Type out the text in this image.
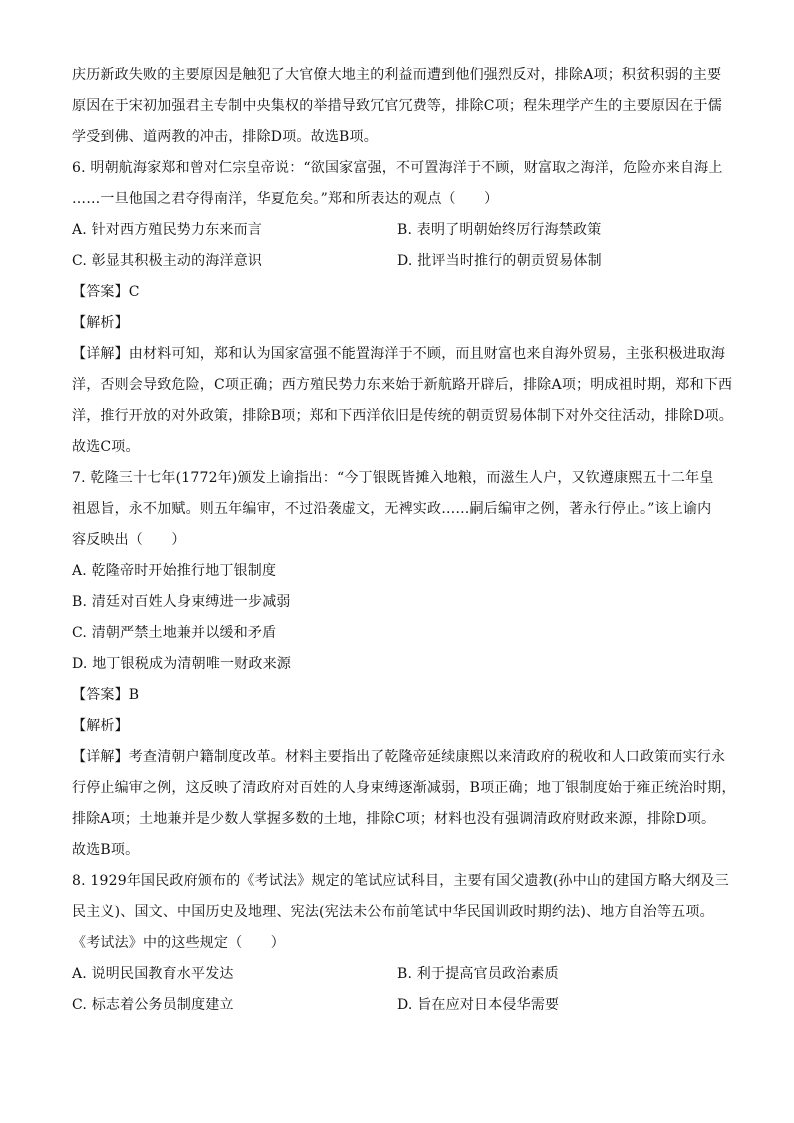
庆历新政失败的主要原因是触犯了大官僚大地主的利益而遭到他们强烈反对，排除A项；积贫积弱的主要
原因在于宋初加强君主专制中央集权的举措导致冗官冗费等，排除C项；程朱理学产生的主要原因在于儒
学受到佛、道两教的冲击，排除D项。故选B项。
6. 明朝航海家郑和曾对仁宗皇帝说：“欲国家富强，不可置海洋于不顾，财富取之海洋，危险亦来自海上
……一旦他国之君夺得南洋，华夏危矣。”郑和所表达的观点（　　）
A. 针对西方殖民势力东来而言	B. 表明了明朝始终厉行海禁政策
C. 彰显其积极主动的海洋意识	D. 批评当时推行的朝贡贸易体制
【答案】C
【解析】
【详解】由材料可知，郑和认为国家富强不能置海洋于不顾，而且财富也来自海外贸易，主张积极进取海
洋，否则会导致危险，C项正确；西方殖民势力东来始于新航路开辟后，排除A项；明成祖时期，郑和下西
洋，推行开放的对外政策，排除B项；郑和下西洋依旧是传统的朝贡贸易体制下对外交往活动，排除D项。
故选C项。
7. 乾隆三十七年(1772年)颁发上谕指出：“今丁银既皆摊入地粮，而滋生人户，又钦遵康熙五十二年皇
祖恩旨，永不加赋。则五年编审，不过沿袭虚文，无裨实政……嗣后编审之例，著永行停止。”该上谕内
容反映出（　　）
A. 乾隆帝时开始推行地丁银制度
B. 清廷对百姓人身束缚进一步减弱
C. 清朝严禁土地兼并以缓和矛盾
D. 地丁银税成为清朝唯一财政来源
【答案】B
【解析】
【详解】考查清朝户籍制度改革。材料主要指出了乾隆帝延续康熙以来清政府的税收和人口政策而实行永
行停止编审之例，这反映了清政府对百姓的人身束缚逐渐减弱，B项正确；地丁银制度始于雍正统治时期，
排除A项；土地兼并是少数人掌握多数的土地，排除C项；材料也没有强调清政府财政来源，排除D项。
故选B项。
8. 1929年国民政府颁布的《考试法》规定的笔试应试科目，主要有国父遗教(孙中山的建国方略大纲及三
民主义)、国文、中国历史及地理、宪法(宪法未公布前笔试中华民国训政时期约法)、地方自治等五项。
《考试法》中的这些规定（　　）
A. 说明民国教育水平发达	B. 利于提高官员政治素质
C. 标志着公务员制度建立	D. 旨在应对日本侵华需要
